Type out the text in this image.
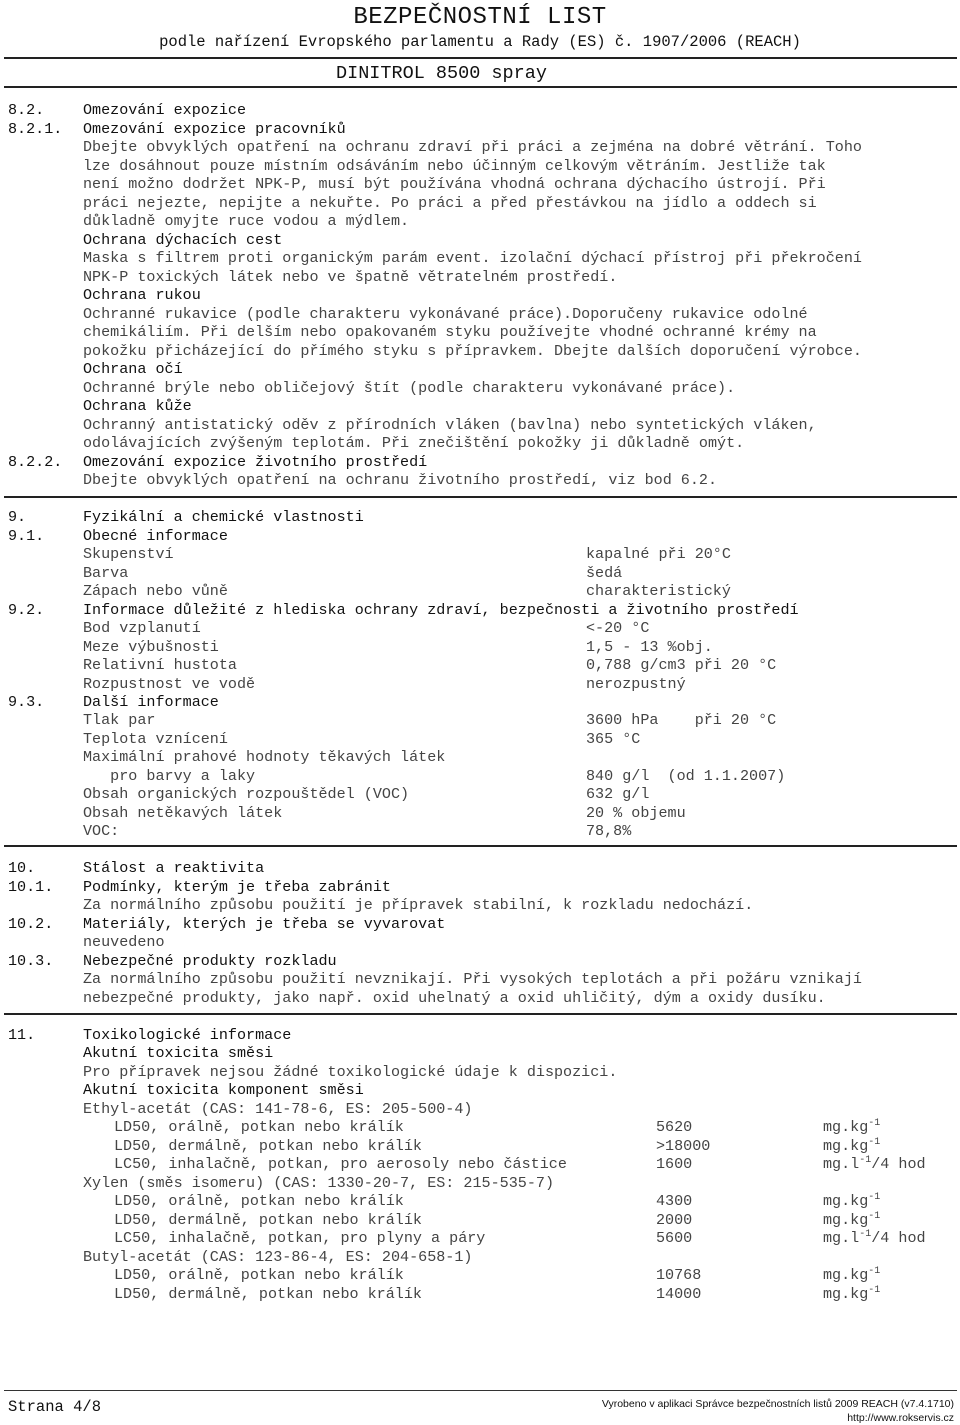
BEZPEČNOSTNÍ LIST
podle nařízení Evropského parlamentu a Rady (ES) č. 1907/2006 (REACH)
DINITROL 8500 spray
8.2.	Omezování expozice
8.2.1. Omezování expozice pracovníků
Dbejte obvyklých opatření na ochranu zdraví při práci a zejména na dobré větrání. Toho
lze dosáhnout pouze místním odsáváním nebo účinným celkovým větráním. Jestliže tak
není možno dodržet NPK-P, musí být používána vhodná ochrana dýchacího ústrojí. Při
práci nejezte, nepijte a nekuřte. Po práci a před přestávkou na jídlo a oddech si
důkladně omyjte ruce vodou a mýdlem.
Ochrana dýchacích cest
Maska s filtrem proti organickým parám event. izolační dýchací přístroj při překročení
NPK-P toxických látek nebo ve špatně větratelném prostředí.
Ochrana rukou
Ochranné rukavice (podle charakteru vykonávané práce).Doporučeny rukavice odolné
chemikáliím. Při delším nebo opakovaném styku používejte vhodné ochranné krémy na
pokožku přicházející do přímého styku s přípravkem. Dbejte dalších doporučení výrobce.
Ochrana očí
Ochranné brýle nebo obličejový štít (podle charakteru vykonávané práce).
Ochrana kůže
Ochranný antistatický oděv z přírodních vláken (bavlna) nebo syntetických vláken,
odolávajících zvýšeným teplotám. Při znečištění pokožky ji důkladně omýt.
8.2.2. Omezování expozice životního prostředí
Dbejte obvyklých opatření na ochranu životního prostředí, viz bod 6.2.
9.	Fyzikální a chemické vlastnosti
9.1.	Obecné informace
Skupenství	kapalné při 20°C
Barva	šedá
Zápach nebo vůně	charakteristický
9.2.	Informace důležité z hlediska ochrany zdraví, bezpečnosti a životního prostředí
Bod vzplanutí	<-20 °C
Meze výbušnosti	1,5 - 13 %obj.
Relativní hustota	0,788 g/cm3 při 20 °C
Rozpustnost ve vodě	nerozpustný
9.3.	Další informace
Tlak par	3600 hPa    při 20 °C
Teplota vznícení	365 °C
Maximální prahové hodnoty těkavých látek
pro barvy a laky	840 g/l  (od 1.1.2007)
Obsah organických rozpouštědel (VOC)	632 g/l
Obsah netěkavých látek	20 % objemu
VOC:	78,8%
10.	Stálost a reaktivita
10.1. Podmínky, kterým je třeba zabránit
Za normálního způsobu použití je přípravek stabilní, k rozkladu nedochází.
10.2. Materiály, kterých je třeba se vyvarovat
neuvedeno
10.3. Nebezpečné produkty rozkladu
Za normálního způsobu použití nevznikají. Při vysokých teplotách a při požáru vznikají
nebezpečné produkty, jako např. oxid uhelnatý a oxid uhličitý, dým a oxidy dusíku.
11.	Toxikologické informace
Akutní toxicita směsi
Pro přípravek nejsou žádné toxikologické údaje k dispozici.
Akutní toxicita komponent směsi
Ethyl-acetát (CAS: 141-78-6, ES: 205-500-4)
LD50, orálně, potkan nebo králík	5620	$mg.kg^{-1}$
LD50, dermálně, potkan nebo králík	>18000	$mg.kg^{-1}$
LC50, inhalačně, potkan, pro aerosoly nebo částice	1600	$mg.l^{-1}/4$ hod
Xylen (směs isomeru) (CAS: 1330-20-7, ES: 215-535-7)
LD50, orálně, potkan nebo králík	4300	$mg.kg^{-1}$
LD50, dermálně, potkan nebo králík	2000	$mg.kg^{-1}$
LC50, inhalačně, potkan, pro plyny a páry	5600	$mg.l^{-1}/4$ hod
Butyl-acetát (CAS: 123-86-4, ES: 204-658-1)
LD50, orálně, potkan nebo králík	10768	$mg.kg^{-1}$
LD50, dermálně, potkan nebo králík	14000	$mg.kg^{-1}$
Strana 4/8	Vyrobeno v aplikaci Správce bezpečnostních listů 2009 REACH (v7.4.1710)
http://www.rokservis.cz
